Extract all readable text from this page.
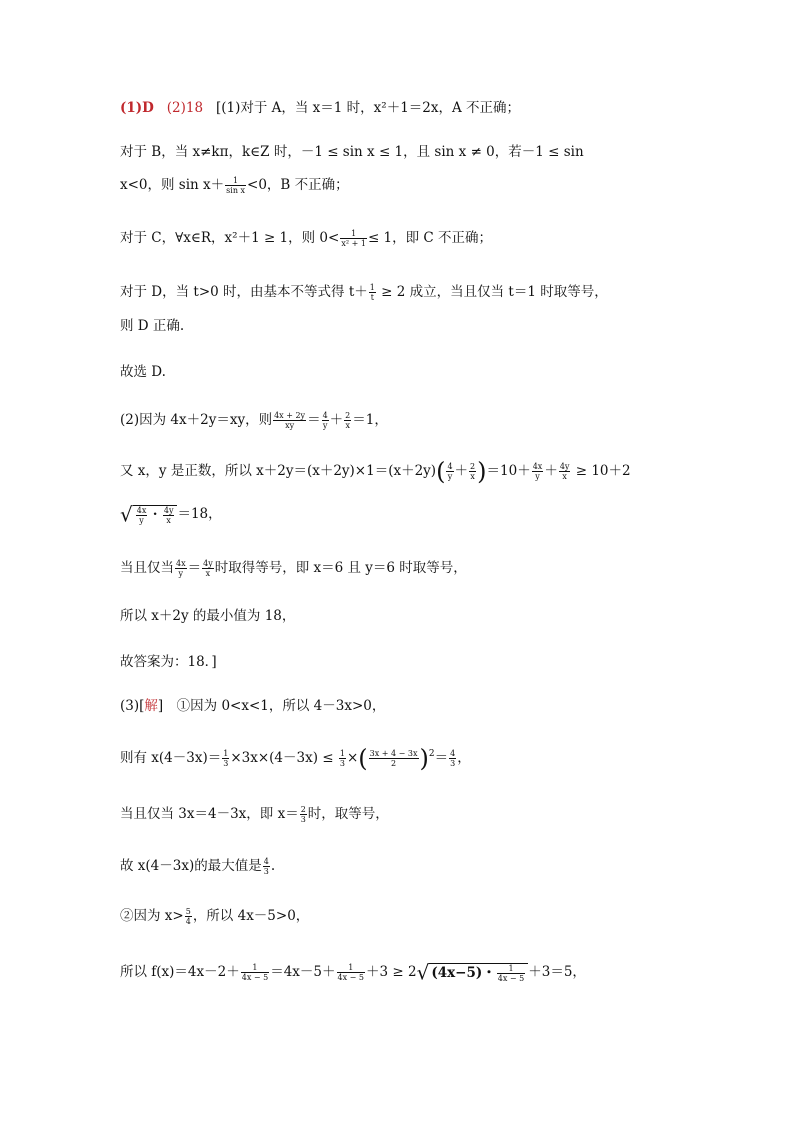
(1)D (2)18 [(1)对于 A，当 x＝1 时，x²＋1＝2x，A 不正确；
对于 B，当 x≠kπ，k∈Z 时，－1 ≤ sin x ≤ 1，且 sin x ≠ 0，若－1 ≤ sin
x<0，则 $\sin x+ \frac{1}{\text{sin x}} <0$，B 不正确；
对于 C，∀x∈R，x²＋1 ≥ 1，则 $0< \frac{1}{\text{x² + 1}} \le 1$，即 C 不正确；
对于 D，当 t>0 时，由基本不等式得 $t+ \frac{1}{t} \ge 2$ 成立，当且仅当 t＝1 时取等号，
则 D 正确.
故选 D.
(2)因为 4x＋2y＝xy，则 $\frac{4x + 2y}{xy} = \frac{4}{y} + \frac{2}{x} =1$，
又 x，y 是正数，所以 $x+2y=(x+2y)\times 1=(x+2y)( \frac{4}{y} + \frac{2}{x} )=10+ \frac{4x}{y} + \frac{4y}{x} \ge 10+2$
√ $\frac{4x}{y}$ ・ $\frac{4y}{x} =18$，
当且仅当 $\frac{4x}{y} = \frac{4y}{x}$ 时取得等号，即 x＝6 且 y＝6 时取等号，
所以 x＋2y 的最小值为 18，
故答案为：18．]
(3)[解]　①因为 0<x<1，所以 4－3x>0，
则有 $x(4-3x)= \frac{1}{3} \times 3x\times(4-3x) \le \frac{1}{3}$ ×( $\frac{3x + 4 - 3x}{2} )^2= \frac{4}{3}$ ，
当且仅当 3x＝4－3x，即 $x= \frac{2}{3}$ 时，取等号，
故 x(4－3x)的最大值是 $\frac{4}{3}$ .
②因为 $x> \frac{5}{4}$ ，所以 4x－5>0，
所以 $f(x)=4x-2+ \frac{1}{4x - 5} =4x-5+ \frac{1}{4x - 5} +3 \ge 2√$ (4x−5)・ $\frac{1}{4x - 5} +3=5$，
